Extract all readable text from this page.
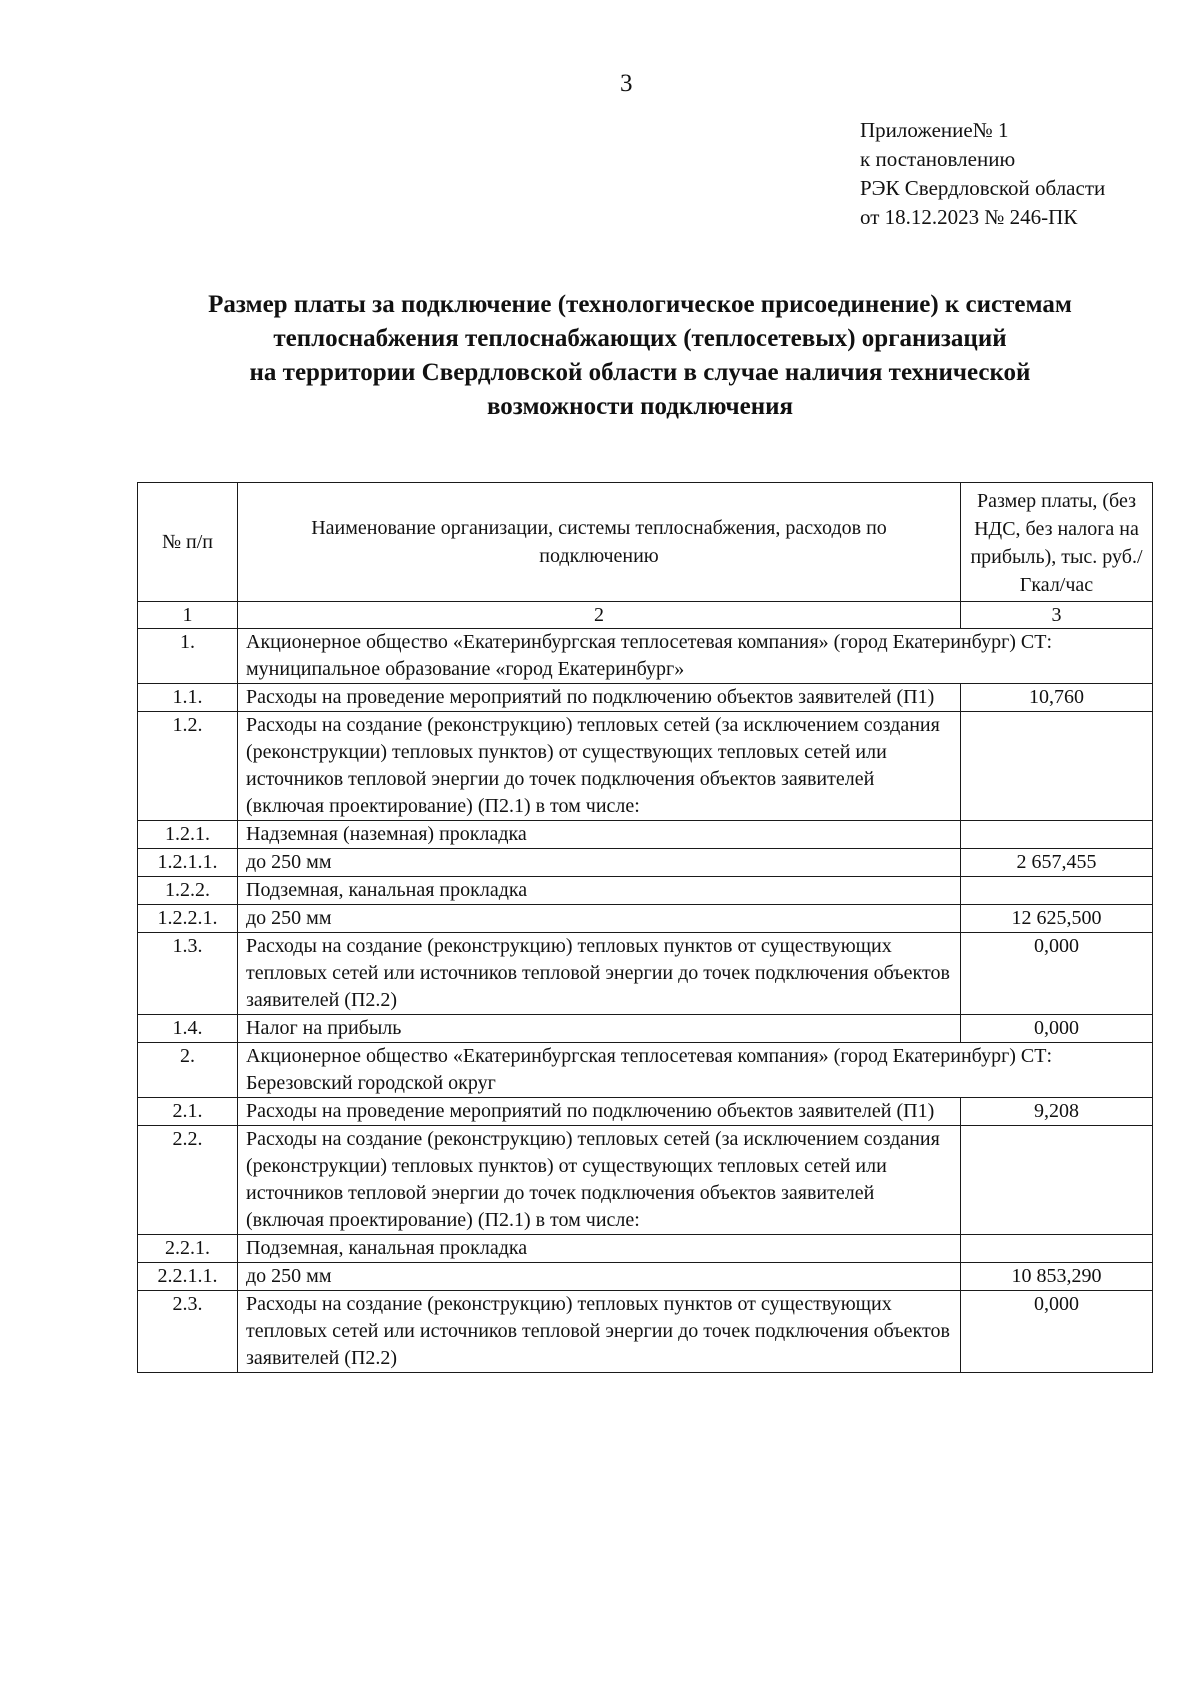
3
Приложение№ 1
к постановлению
РЭК Свердловской области
от 18.12.2023 № 246-ПК
Размер платы за подключение (технологическое присоединение) к системам
теплоснабжения теплоснабжающих (теплосетевых) организаций
на территории Свердловской области в случае наличия технической
возможности подключения
№ п/п	Наименование организации, системы теплоснабжения, расходов по подключению	Размер платы, (без НДС, без налога на прибыль), тыс. руб./Гкал/час
1	2	3
1.	Акционерное общество «Екатеринбургская теплосетевая компания» (город Екатеринбург) СТ: муниципальное образование «город Екатеринбург»	
1.1.	Расходы на проведение мероприятий по подключению объектов заявителей (П1)	10,760
1.2.	Расходы на создание (реконструкцию) тепловых сетей (за исключением создания (реконструкции) тепловых пунктов) от существующих тепловых сетей или источников тепловой энергии до точек подключения объектов заявителей (включая проектирование) (П2.1) в том числе:	
1.2.1.	Надземная (наземная) прокладка	
1.2.1.1.	до 250 мм	2 657,455
1.2.2.	Подземная, канальная прокладка	
1.2.2.1.	до 250 мм	12 625,500
1.3.	Расходы на создание (реконструкцию) тепловых пунктов от существующих тепловых сетей или источников тепловой энергии до точек подключения объектов заявителей (П2.2)	0,000
1.4.	Налог на прибыль	0,000
2.	Акционерное общество «Екатеринбургская теплосетевая компания» (город Екатеринбург) СТ: Березовский городской округ	
2.1.	Расходы на проведение мероприятий по подключению объектов заявителей (П1)	9,208
2.2.	Расходы на создание (реконструкцию) тепловых сетей (за исключением создания (реконструкции) тепловых пунктов) от существующих тепловых сетей или источников тепловой энергии до точек подключения объектов заявителей (включая проектирование) (П2.1) в том числе:	
2.2.1.	Подземная, канальная прокладка	
2.2.1.1.	до 250 мм	10 853,290
2.3.	Расходы на создание (реконструкцию) тепловых пунктов от существующих тепловых сетей или источников тепловой энергии до точек подключения объектов заявителей (П2.2)	0,000
